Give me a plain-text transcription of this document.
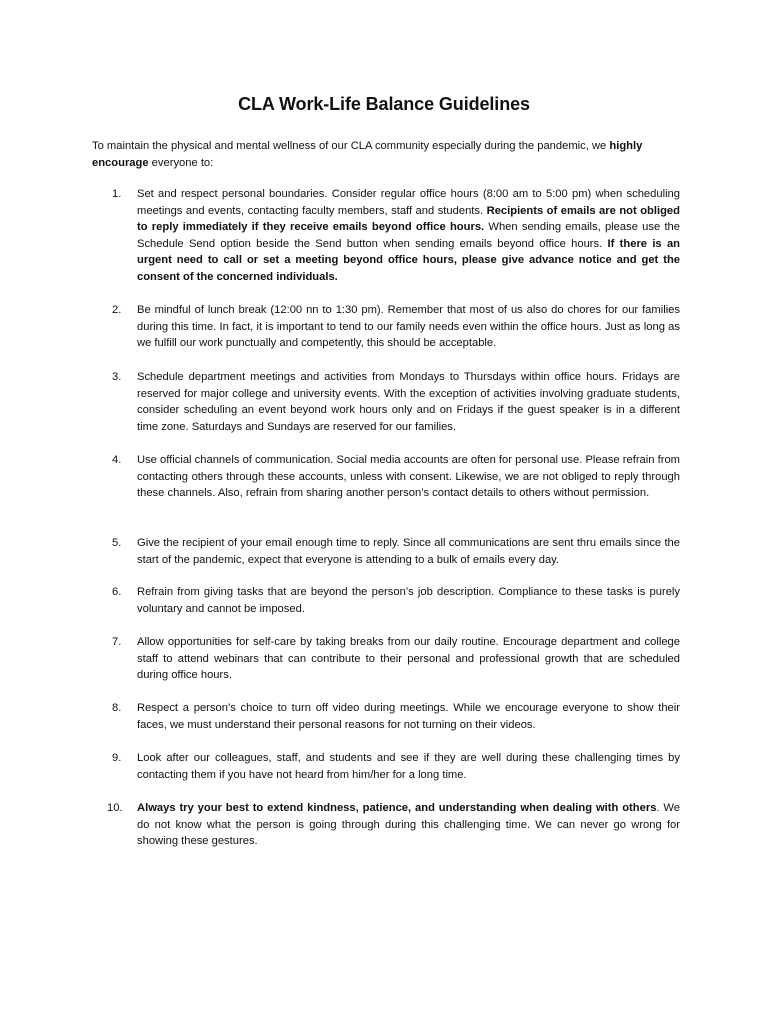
CLA Work-Life Balance Guidelines
To maintain the physical and mental wellness of our CLA community especially during the pandemic, we highly encourage everyone to:
1.	Set and respect personal boundaries. Consider regular office hours (8:00 am to 5:00 pm) when scheduling meetings and events, contacting faculty members, staff and students. Recipients of emails are not obliged to reply immediately if they receive emails beyond office hours. When sending emails, please use the Schedule Send option beside the Send button when sending emails beyond office hours. If there is an urgent need to call or set a meeting beyond office hours, please give advance notice and get the consent of the concerned individuals.
2.	Be mindful of lunch break (12:00 nn to 1:30 pm). Remember that most of us also do chores for our families during this time. In fact, it is important to tend to our family needs even within the office hours. Just as long as we fulfill our work punctually and competently, this should be acceptable.
3.	Schedule department meetings and activities from Mondays to Thursdays within office hours. Fridays are reserved for major college and university events. With the exception of activities involving graduate students, consider scheduling an event beyond work hours only and on Fridays if the guest speaker is in a different time zone. Saturdays and Sundays are reserved for our families.
4.	Use official channels of communication. Social media accounts are often for personal use. Please refrain from contacting others through these accounts, unless with consent. Likewise, we are not obliged to reply through these channels. Also, refrain from sharing another person’s contact details to others without permission.
5.	Give the recipient of your email enough time to reply. Since all communications are sent thru emails since the start of the pandemic, expect that everyone is attending to a bulk of emails every day.
6.	Refrain from giving tasks that are beyond the person’s job description. Compliance to these tasks is purely voluntary and cannot be imposed.
7.	Allow opportunities for self-care by taking breaks from our daily routine. Encourage department and college staff to attend webinars that can contribute to their personal and professional growth that are scheduled during office hours.
8.	Respect a person’s choice to turn off video during meetings. While we encourage everyone to show their faces, we must understand their personal reasons for not turning on their videos.
9.	Look after our colleagues, staff, and students and see if they are well during these challenging times by contacting them if you have not heard from him/her for a long time.
10.	Always try your best to extend kindness, patience, and understanding when dealing with others. We do not know what the person is going through during this challenging time. We can never go wrong for showing these gestures.
